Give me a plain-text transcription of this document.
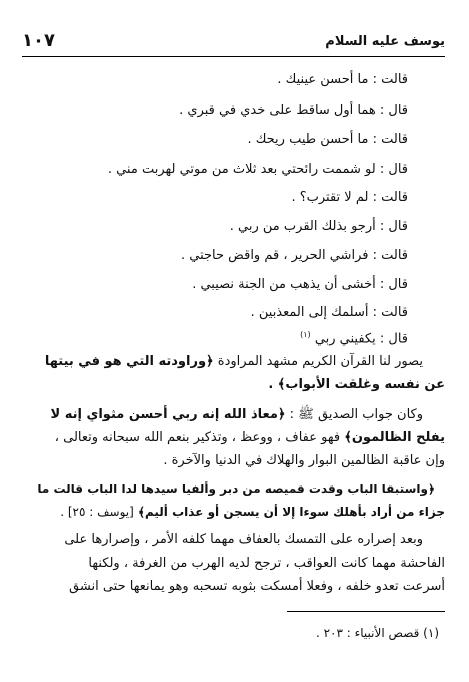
يوسف عليه السلام
١٠٧
قالت : ما أحسن عينيك .
قال : هما أول ساقط على خدي في قبري .
قالت : ما أحسن طيب ريحك .
قال : لو شممت رائحتي بعد ثلاث من موتي لهربت مني .
قالت : لم لا تقترب؟ .
قال : أرجو بذلك القرب من ربي .
قالت : فراشي الحرير ، قم واقض حاجتي .
قال : أخشى أن يذهب من الجنة نصيبي .
قالت : أسلمك إلى المعذبين .
قال : يكفيني ربي $^{(١)}$
يصور لنا القرآن الكريم مشهد المراودة ﴿وراودته التي هو في بيتها
عن نفسه وغلقت الأبواب﴾ .
وكان جواب الصديق ﷺ : ﴿معاذ الله إنه ربي أحسن مثواي إنه لا
يفلح الظالمون﴾ فهو عفاف ، ووعظ ، وتذكير بنعم الله سبحانه وتعالى ،
وإن عاقبة الظالمين البوار والهلاك في الدنيا والآخرة .
﴿واستبقا الباب وقدت قميصه من دبر وألفيا سيدها لدا الباب قالت ما
جزاء من أراد بأهلك سوءا إلا أن يسجن أو عذاب أليم﴾ [يوسف : ٢٥] .
وبعد إصراره على التمسك بالعفاف مهما كلفه الأمر ، وإصرارها على
الفاحشة مهما كانت العواقب ، ترجح لديه الهرب من الغرفة ، ولكنها
أسرعت تعدو خلفه ، وفعلا أمسكت بثوبه تسحبه وهو يمانعها حتى انشق
(١) قصص الأنبياء : ٢٠٣ .
